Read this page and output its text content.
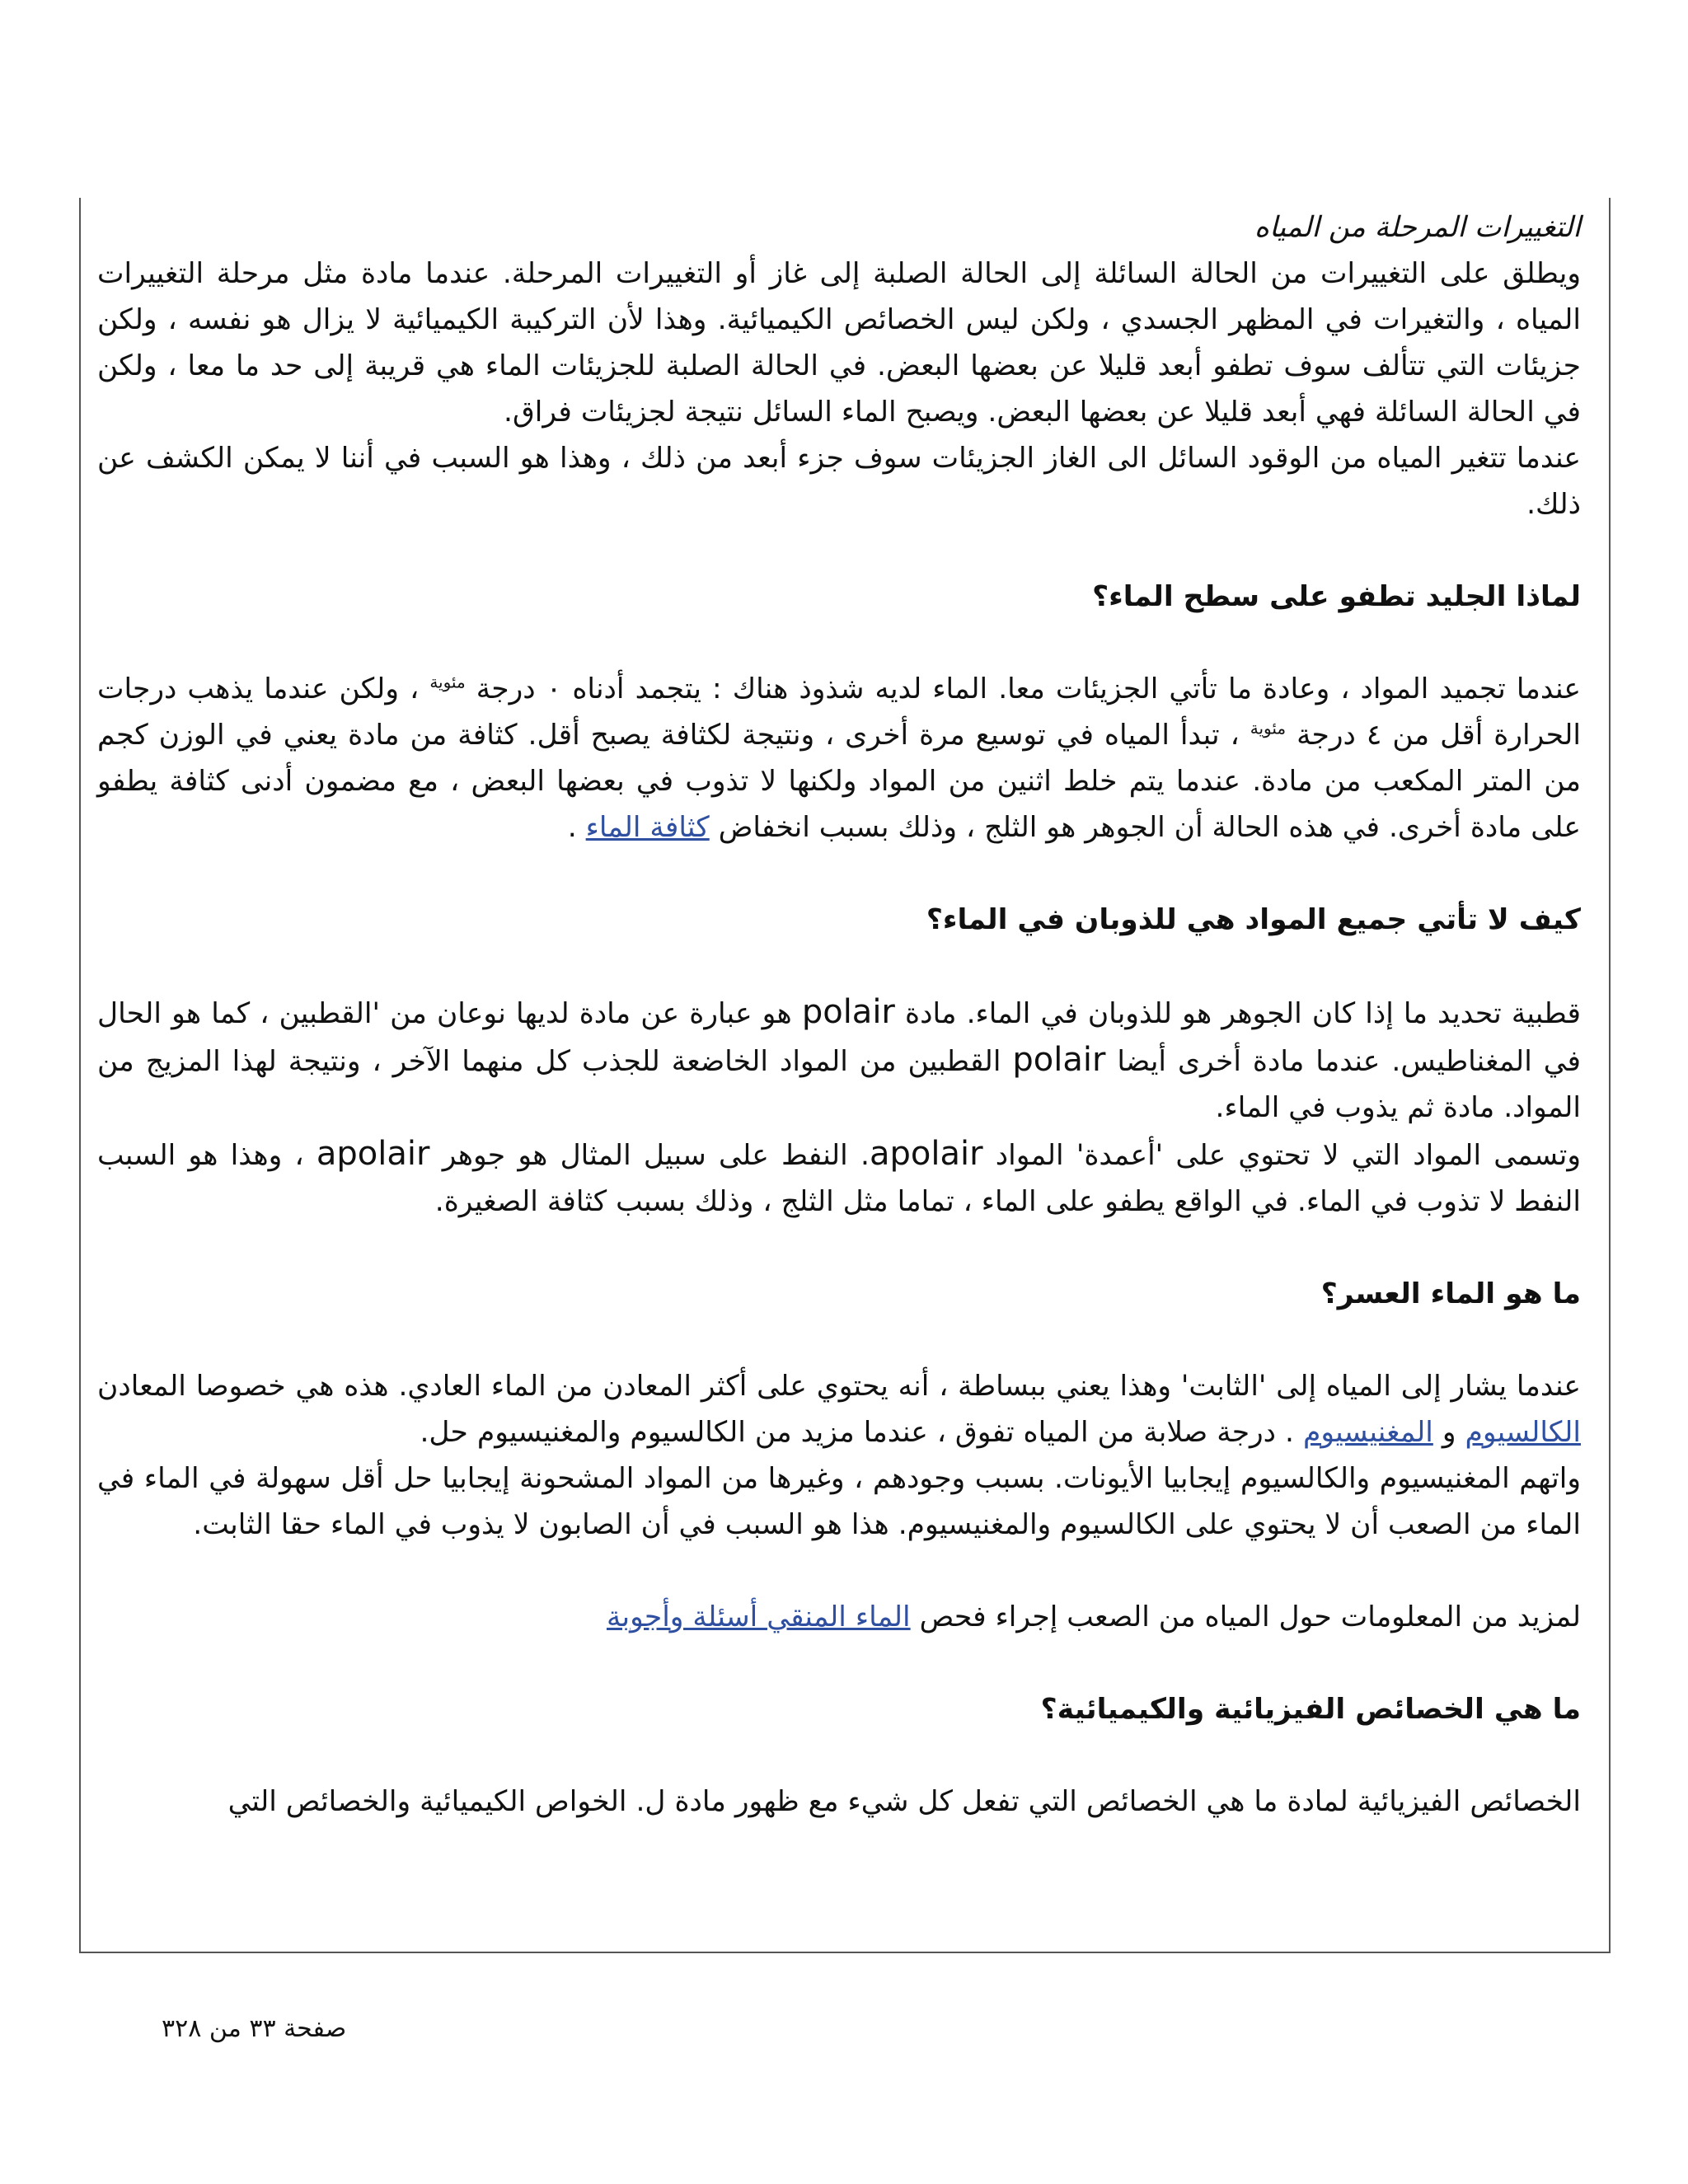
التغييرات المرحلة من المياه

ويطلق على التغييرات من الحالة السائلة إلى الحالة الصلبة إلى غاز أو التغييرات المرحلة. عندما مادة مثل مرحلة التغييرات المياه ، والتغيرات في المظهر الجسدي ، ولكن ليس الخصائص الكيميائية. وهذا لأن التركيبة الكيميائية لا يزال هو نفسه ، ولكن جزيئات التي تتألف سوف تطفو أبعد قليلا عن بعضها البعض. في الحالة الصلبة للجزيئات الماء هي قريبة إلى حد ما معا ، ولكن في الحالة السائلة فهي أبعد قليلا عن بعضها البعض. ويصبح الماء السائل نتيجة لجزيئات فراق.

عندما تتغير المياه من الوقود السائل الى الغاز الجزيئات سوف جزء أبعد من ذلك ، وهذا هو السبب في أننا لا يمكن الكشف عن ذلك.

لماذا الجليد تطفو على سطح الماء؟

عندما تجميد المواد ، وعادة ما تأتي الجزيئات معا. الماء لديه شذوذ هناك : يتجمد أدناه ٠ درجة $^{مئوية}$ ، ولكن عندما يذهب درجات الحرارة أقل من ٤ درجة $^{مئوية}$ ، تبدأ المياه في توسيع مرة أخرى ، ونتيجة لكثافة يصبح أقل. كثافة من مادة يعني في الوزن كجم من المتر المكعب من مادة. عندما يتم خلط اثنين من المواد ولكنها لا تذوب في بعضها البعض ، مع مضمون أدنى كثافة يطفو على مادة أخرى. في هذه الحالة أن الجوهر هو الثلج ، وذلك بسبب انخفاض كثافة الماء .

كيف لا تأتي جميع المواد هي للذوبان في الماء؟

قطبية تحديد ما إذا كان الجوهر هو للذوبان في الماء. مادة polair هو عبارة عن مادة لديها نوعان من 'القطبين ، كما هو الحال في المغناطيس. عندما مادة أخرى أيضا polair القطبين من المواد الخاضعة للجذب كل منهما الآخر ، ونتيجة لهذا المزيج من المواد. مادة ثم يذوب في الماء.

وتسمى المواد التي لا تحتوي على 'أعمدة' المواد apolair. النفط على سبيل المثال هو جوهر apolair ، وهذا هو السبب النفط لا تذوب في الماء. في الواقع يطفو على الماء ، تماما مثل الثلج ، وذلك بسبب كثافة الصغيرة.

ما هو الماء العسر؟

عندما يشار إلى المياه إلى 'الثابت' وهذا يعني ببساطة ، أنه يحتوي على أكثر المعادن من الماء العادي. هذه هي خصوصا المعادن الكالسيوم و المغنيسيوم . درجة صلابة من المياه تفوق ، عندما مزيد من الكالسيوم والمغنيسيوم حل.

واتهم المغنيسيوم والكالسيوم إيجابيا الأيونات. بسبب وجودهم ، وغيرها من المواد المشحونة إيجابيا حل أقل سهولة في الماء في الماء من الصعب أن لا يحتوي على الكالسيوم والمغنيسيوم. هذا هو السبب في أن الصابون لا يذوب في الماء حقا الثابت.

لمزيد من المعلومات حول المياه من الصعب إجراء فحص الماء المنقي أسئلة وأجوبة

ما هي الخصائص الفيزيائية والكيميائية؟

الخصائص الفيزيائية لمادة ما هي الخصائص التي تفعل كل شيء مع ظهور مادة ل. الخواص الكيميائية والخصائص التي

صفحة ٣٣ من ٣٢٨
